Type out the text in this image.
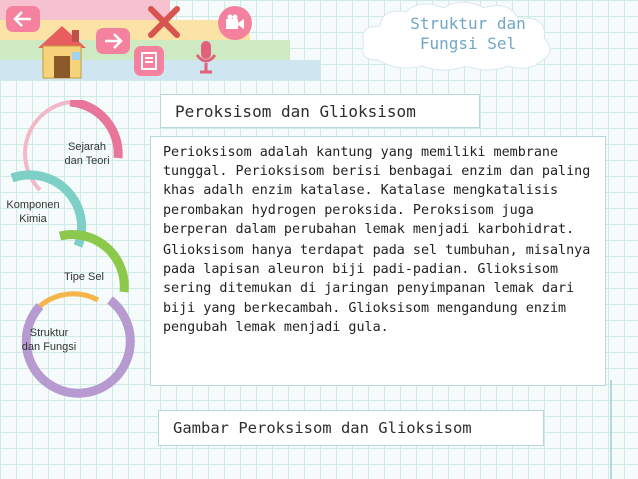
Struktur dan
Fungsi Sel
Sejarah
dan Teori
Komponen
Kimia
Tipe Sel
Struktur
dan Fungsi
Peroksisom dan Glioksisom

Perioksisom adalah kantung yang memiliki membrane tunggal. Perioksisom berisi benbagai enzim dan paling khas adalh enzim katalase. Katalase mengkatalisis perombakan hydrogen peroksida. Peroksisom juga berperan dalam perubahan lemak menjadi karbohidrat.

Glioksisom hanya terdapat pada sel tumbuhan, misalnya pada lapisan aleuron biji padi-padian. Glioksisom sering ditemukan di jaringan penyimpanan lemak dari biji yang berkecambah. Glioksisom mengandung enzim pengubah lemak menjadi gula.

Gambar Peroksisom dan Glioksisom
